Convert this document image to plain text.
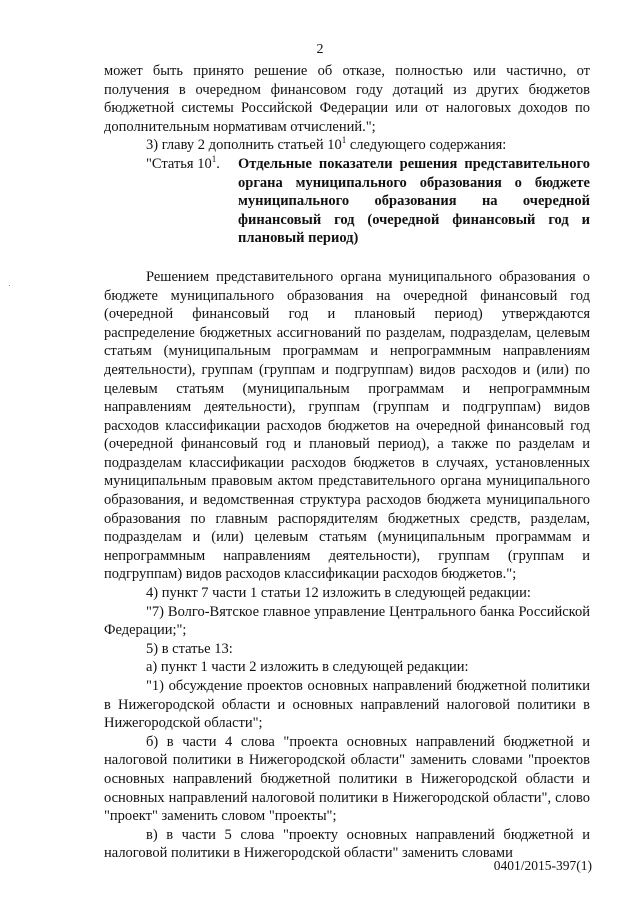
2

может быть принято решение об отказе, полностью или частично, от получения в очередном финансовом году дотаций из других бюджетов бюджетной системы Российской Федерации или от налоговых доходов по дополнительным нормативам отчислений.";

3) главу 2 дополнить статьей $10^1$ следующего содержания:

"Статья $10^1$.	Отдельные показатели решения представительного органа муниципального образования о бюджете муниципального образования на очередной финансовый год (очередной финансовый год и плановый период)

Решением представительного органа муниципального образования о бюджете муниципального образования на очередной финансовый год (очередной финансовый год и плановый период) утверждаются распределение бюджетных ассигнований по разделам, подразделам, целевым статьям (муниципальным программам и непрограммным направлениям деятельности), группам (группам и подгруппам) видов расходов и (или) по целевым статьям (муниципальным программам и непрограммным направлениям деятельности), группам (группам и подгруппам) видов расходов классификации расходов бюджетов на очередной финансовый год (очередной финансовый год и плановый период), а также по разделам и подразделам классификации расходов бюджетов в случаях, установленных муниципальным правовым актом представительного органа муниципального образования, и ведомственная структура расходов бюджета муниципального образования по главным распорядителям бюджетных средств, разделам, подразделам и (или) целевым статьям (муниципальным программам и непрограммным направлениям деятельности), группам (группам и подгруппам) видов расходов классификации расходов бюджетов.";

4) пункт 7 части 1 статьи 12 изложить в следующей редакции:

"7) Волго-Вятское главное управление Центрального банка Российской Федерации;";

5) в статье 13:

а) пункт 1 части 2 изложить в следующей редакции:

"1) обсуждение проектов основных направлений бюджетной политики в Нижегородской области и основных направлений налоговой политики в Нижегородской области";

б) в части 4 слова "проекта основных направлений бюджетной и налоговой политики в Нижегородской области" заменить словами "проектов основных направлений бюджетной политики в Нижегородской области и основных направлений налоговой политики в Нижегородской области", слово "проект" заменить словом "проекты";

в) в части 5 слова "проекту основных направлений бюджетной и налоговой политики в Нижегородской области" заменить словами

0401/2015-397(1)
